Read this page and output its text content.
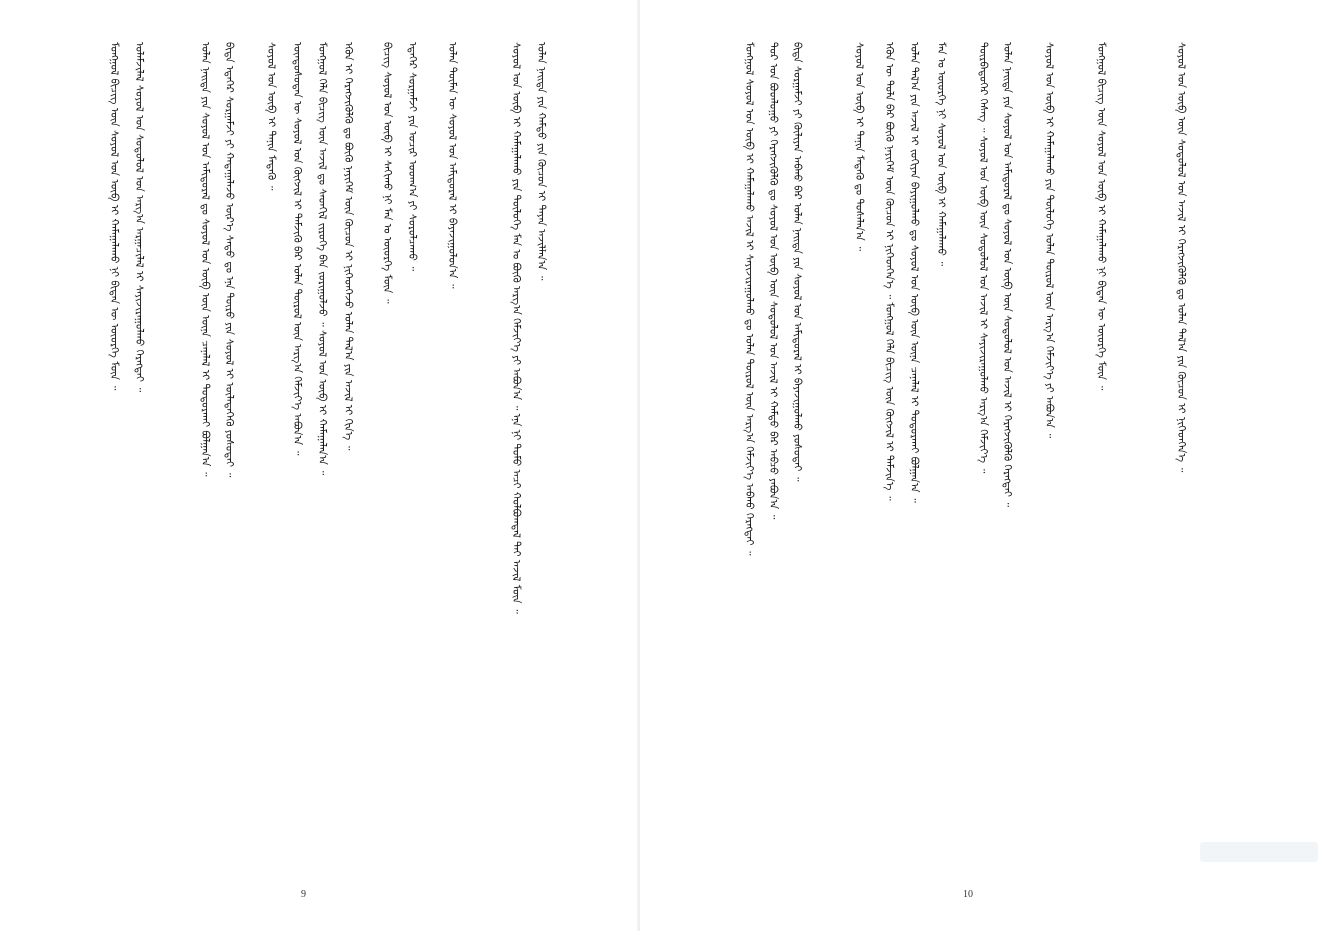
ᠮᠣᠩᠭᠣᠯ ᠪᠢᠴᠢᠭ ᠦᠨ ᠰᠣᠶᠣᠯ ᠤᠨ ᠦᠪ ᠢ ᠬᠠᠮᠠᠭᠠᠯᠠᠬᠤ ᠨᠢ ᠪᠢᠳᠡᠨ ᠦ ᠦᠦᠷᠭᠡ ᠮᠥᠨ ᠃ ᠤᠯᠠᠮᠵᠢᠯᠠᠯ ᠰᠣᠶᠣᠯ ᠤᠨ ᠰᠤᠳᠤᠯᠤᠯ ᠤᠨ ᠠᠷᠭ᠎ᠠ ᠠᠷᠭᠠᠴᠢᠯᠠᠯ ᠢ ᠰᠠᠶᠢᠵᠢᠷᠠᠭᠤᠯᠬᠤ ᠬᠡᠷᠡᠭᠲᠡᠢ ᠃	ᠣᠯᠠᠨ ᠨᠡᠢᠲᠡ ᠶᠢᠨ ᠰᠣᠶᠣᠯ ᠤᠨ ᠠᠮᠢᠳᠤᠷᠠᠯ ᠳᠤ ᠰᠣᠶᠣᠯ ᠤᠨ ᠦᠪ ᠦᠨ ᠦᠨᠡ ᠴᠡᠨᠡᠯᠡᠯ ᠢ ᠲᠣᠳᠣᠷᠬᠠᠢ ᠪᠣᠯᠭᠠᠨ᠎ᠠ ᠃ ᠪᠢᠳᠡ ᠡᠳᠡᠭᠡᠷ ᠰᠤᠷᠭᠠᠮᠵᠢ ᠶᠢ ᠬᠠᠳᠠᠭᠠᠯᠠᠵᠤ ᠦᠷ᠎ᠡ ᠰᠠᠳᠤ ᠳᠤ ᠡᠨᠡ ᠲᠥᠷᠦ ᠶᠢᠨ ᠰᠣᠶᠣᠯ ᠢ ᠦᠯᠡᠳᠡᠭᠡᠬᠦ ᠶᠣᠰᠣᠲᠠᠢ ᠃	ᠰᠣᠶᠣᠯ ᠤᠨ ᠦᠪ ᠢ ᠲᠠᠨᠢᠨ ᠮᠡᠳᠡᠬᠦ ᠃ ᠦᠨᠳᠦᠰᠦᠲᠡᠨ ᠦ ᠰᠣᠶᠣᠯ ᠤᠨ ᠬᠥᠭᠵᠢᠯ ᠢ ᠳᠡᠮᠵᠢᠬᠦ ᠪᠠᠷ ᠣᠯᠠᠨ ᠲᠥᠷᠦᠯ ᠦᠨ ᠠᠷᠭ᠎ᠠ ᠬᠡᠮᠵᠢᠶ᠎ᠡ ᠠᠪᠤᠨ᠎ᠠ ᠃ ᠮᠣᠩᠭᠣᠯ ᠬᠡᠯᠡ ᠪᠢᠴᠢᠭ ᠦᠨ ᠠᠵᠢᠯ ᠳᠤ ᠰᠡᠳᠬᠢᠯ ᠵᠢᠷᠦᠬᠡ ᠪᠡᠨ ᠵᠣᠷᠢᠭᠤᠯᠵᠤ ᠃ ᠰᠣᠶᠣᠯ ᠤᠨ ᠦᠪ ᠢ ᠬᠠᠮᠠᠭᠠᠯᠠᠨ᠎ᠠ ᠃ ᠡᠭᠦᠨ ᠢ ᠬᠡᠷᠡᠭᠵᠢᠭᠦᠯᠬᠦ ᠳᠤ ᠪᠦᠬᠦ ᠨᠡᠶᠢᠭᠡᠮ ᠦᠨ ᠬᠦᠴᠦᠨ ᠢ ᠨᠢᠭᠡᠳᠬᠡᠵᠦ ᠣᠯᠠᠨ ᠲᠠᠯ᠎ᠠ ᠶᠢᠨ ᠠᠵᠢᠯ ᠢ ᠬᠢᠨ᠎ᠡ ᠃	ᠪᠢᠴᠢᠭ ᠰᠣᠶᠣᠯ ᠤᠨ ᠥᠪ ᠢ ᠰᠠᠬᠢᠬᠤ ᠨᠢ ᠮᠠᠨ ᠤ ᠦᠦᠷᠭᠡ ᠮᠥᠨ ᠃ ᠡᠳᠡᠭᠡᠷ ᠰᠤᠷᠭᠠᠮᠵᠢ ᠶᠢᠨ ᠤᠴᠢᠷ ᠤᠳᠬ᠎ᠠ ᠶᠢ ᠰᠤᠷᠤᠯᠴᠠᠬᠤ ᠃	ᠣᠯᠠᠨ ᠲᠦᠮᠡᠨ ᠦ ᠰᠣᠶᠣᠯ ᠤᠨ ᠠᠮᠢᠳᠤᠷᠠᠯ ᠢ ᠪᠠᠶᠠᠵᠢᠭᠤᠯᠤᠨ᠎ᠠ ᠃	ᠰᠣᠶᠣᠯ ᠤᠨ ᠦᠪ ᠢ ᠬᠠᠮᠠᠭᠠᠯᠠᠬᠤ ᠶᠢᠨ ᠲᠥᠯᠥᠭᠡ ᠮᠠᠨ ᠤ ᠪᠦᠬᠦ ᠠᠷᠭ᠎ᠠ ᠬᠡᠮᠵᠢᠶ᠎ᠡ ᠶᠢ ᠠᠪᠤᠨ᠎ᠠ ᠃ ᠡᠨᠡ ᠨᠢ ᠲᠣᠮᠣ ᠠᠴᠢ ᠬᠣᠯᠪᠣᠭᠳᠠᠯ ᠲᠠᠢ ᠠᠵᠢᠯ ᠮᠥᠨ ᠃ ᠣᠯᠠᠨ ᠨᠡᠢᠲᠡ ᠶᠢᠨ ᠬᠠᠮᠲᠤ ᠶᠢᠨ ᠬᠦᠴᠦᠨ ᠢ ᠳᠠᠶᠠᠨ ᠠᠵᠢᠯᠯᠠᠨ᠎ᠠ ᠃
9
ᠮᠣᠩᠭᠣᠯ ᠰᠣᠶᠣᠯ ᠤᠨ ᠦᠪ ᠢ ᠬᠠᠮᠠᠭᠠᠯᠠᠬᠤ ᠠᠵᠢᠯ ᠢ ᠰᠠᠶᠢᠵᠢᠷᠠᠭᠤᠯᠬᠤ ᠳᠤ ᠣᠯᠠᠨ ᠲᠥᠷᠦᠯ ᠦᠨ ᠠᠷᠭ᠎ᠠ ᠬᠡᠮᠵᠢᠶ᠎ᠡ ᠠᠪᠬᠤ ᠬᠡᠷᠡᠭᠲᠡᠢ ᠃ ᠲᠣᠷ ᠤᠨ ᠪᠣᠳᠯᠣᠭᠣ ᠶᠢ ᠬᠡᠷᠡᠭᠵᠢᠭᠦᠯᠬᠦ ᠳᠤ ᠰᠣᠶᠣᠯ ᠤᠨ ᠦᠪ ᠦᠨ ᠰᠤᠳᠤᠯᠤᠯ ᠤᠨ ᠠᠵᠢᠯ ᠢ ᠬᠠᠮᠲᠤ ᠪᠠᠷ ᠠᠪᠴᠤ ᠶᠠᠪᠤᠨ᠎ᠠ ᠃ ᠪᠢᠳᠡ ᠰᠤᠷᠭᠠᠮᠵᠢ ᠶᠢ ᠬᠦᠯᠢᠶᠡᠨ ᠠᠪᠬᠤ ᠪᠠᠷ ᠣᠯᠠᠨ ᠨᠡᠢᠲᠡ ᠶᠢᠨ ᠰᠣᠶᠣᠯ ᠤᠨ ᠠᠮᠢᠳᠤᠷᠠᠯ ᠢ ᠪᠠᠶᠠᠵᠢᠭᠤᠯᠬᠤ ᠶᠣᠰᠣᠲᠠᠢ ᠃	ᠰᠣᠶᠣᠯ ᠤᠨ ᠦᠪ ᠢ ᠲᠠᠨᠢᠨ ᠮᠡᠳᠡᠬᠦ ᠳᠤ ᠲᠤᠰᠠᠯᠠᠨ᠎ᠠ ᠃ ᠡᠭᠦᠨ ᠦ ᠲᠣᠯᠠ ᠪᠠᠷ ᠪᠦᠬᠦ ᠨᠡᠶᠢᠭᠡᠮ ᠦᠨ ᠬᠦᠴᠦᠨ ᠢ ᠨᠢᠭᠡᠳᠬᠡᠨ᠎ᠡ ᠃ ᠮᠣᠩᠭᠣᠯ ᠬᠡᠯᠡ ᠪᠢᠴᠢᠭ ᠦᠨ ᠬᠥᠭᠵᠢᠯ ᠢ ᠳᠡᠮᠵᠢᠨ᠎ᠡ ᠃ ᠣᠯᠠᠨ ᠲᠠᠯ᠎ᠠ ᠶᠢᠨ ᠠᠵᠢᠯ ᠢ ᠵᠣᠬᠢᠶᠠᠨ ᠪᠠᠶᠢᠭᠤᠯᠬᠤ ᠳᠤ ᠰᠣᠶᠣᠯ ᠤᠨ ᠦᠪ ᠦᠨ ᠦᠨᠡ ᠴᠡᠨᠡᠯᠡᠯ ᠢ ᠲᠣᠳᠣᠷᠬᠠᠢ ᠪᠣᠯᠭᠠᠨ᠎ᠠ ᠃ ᠮᠠᠨ ᠤ ᠦᠦᠷᠭᠡ ᠨᠢ ᠰᠣᠶᠣᠯ ᠤᠨ ᠦᠪ ᠢ ᠬᠠᠮᠠᠭᠠᠯᠠᠬᠤ ᠃	ᠳᠥᠷᠪᠡᠳᠦᠭᠡᠷ ᠬᠡᠰᠡᠭ ᠃ ᠰᠣᠶᠣᠯ ᠤᠨ ᠦᠪ ᠦᠨ ᠰᠤᠳᠤᠯᠤᠯ ᠤᠨ ᠠᠵᠢᠯ ᠢ ᠰᠠᠶᠢᠵᠢᠷᠠᠭᠤᠯᠬᠤ ᠠᠷᠭ᠎ᠠ ᠬᠡᠮᠵᠢᠶ᠎ᠡ ᠃ ᠣᠯᠠᠨ ᠨᠡᠢᠲᠡ ᠶᠢᠨ ᠰᠣᠶᠣᠯ ᠤᠨ ᠠᠮᠢᠳᠤᠷᠠᠯ ᠳᠤ ᠰᠣᠶᠣᠯ ᠤᠨ ᠦᠪ ᠦᠨ ᠰᠤᠳᠤᠯᠤᠯ ᠤᠨ ᠠᠵᠢᠯ ᠢ ᠬᠡᠷᠡᠭᠵᠢᠭᠦᠯᠬᠦ ᠬᠡᠷᠡᠭᠲᠡᠢ ᠃	ᠰᠣᠶᠣᠯ ᠤᠨ ᠦᠪ ᠢ ᠬᠠᠮᠠᠭᠠᠯᠠᠬᠤ ᠶᠢᠨ ᠲᠥᠯᠥᠭᠡ ᠣᠯᠠᠨ ᠲᠥᠷᠦᠯ ᠦᠨ ᠠᠷᠭ᠎ᠠ ᠬᠡᠮᠵᠢᠶ᠎ᠡ ᠶᠢ ᠠᠪᠤᠨ᠎ᠠ ᠃	ᠮᠣᠩᠭᠣᠯ ᠪᠢᠴᠢᠭ ᠦᠨ ᠰᠣᠶᠣᠯ ᠤᠨ ᠦᠪ ᠢ ᠬᠠᠮᠠᠭᠠᠯᠠᠬᠤ ᠨᠢ ᠪᠢᠳᠡᠨ ᠦ ᠦᠦᠷᠭᠡ ᠮᠥᠨ ᠃	ᠰᠣᠶᠣᠯ ᠤᠨ ᠦᠪ ᠦᠨ ᠰᠤᠳᠤᠯᠤᠯ ᠤᠨ ᠠᠵᠢᠯ ᠢ ᠬᠡᠷᠡᠭᠵᠢᠭᠦᠯᠬᠦ ᠳᠤ ᠣᠯᠠᠨ ᠲᠠᠯ᠎ᠠ ᠶᠢᠨ ᠬᠦᠴᠦᠨ ᠢ ᠨᠢᠭᠡᠳᠬᠡᠨ᠎ᠡ ᠃
10
